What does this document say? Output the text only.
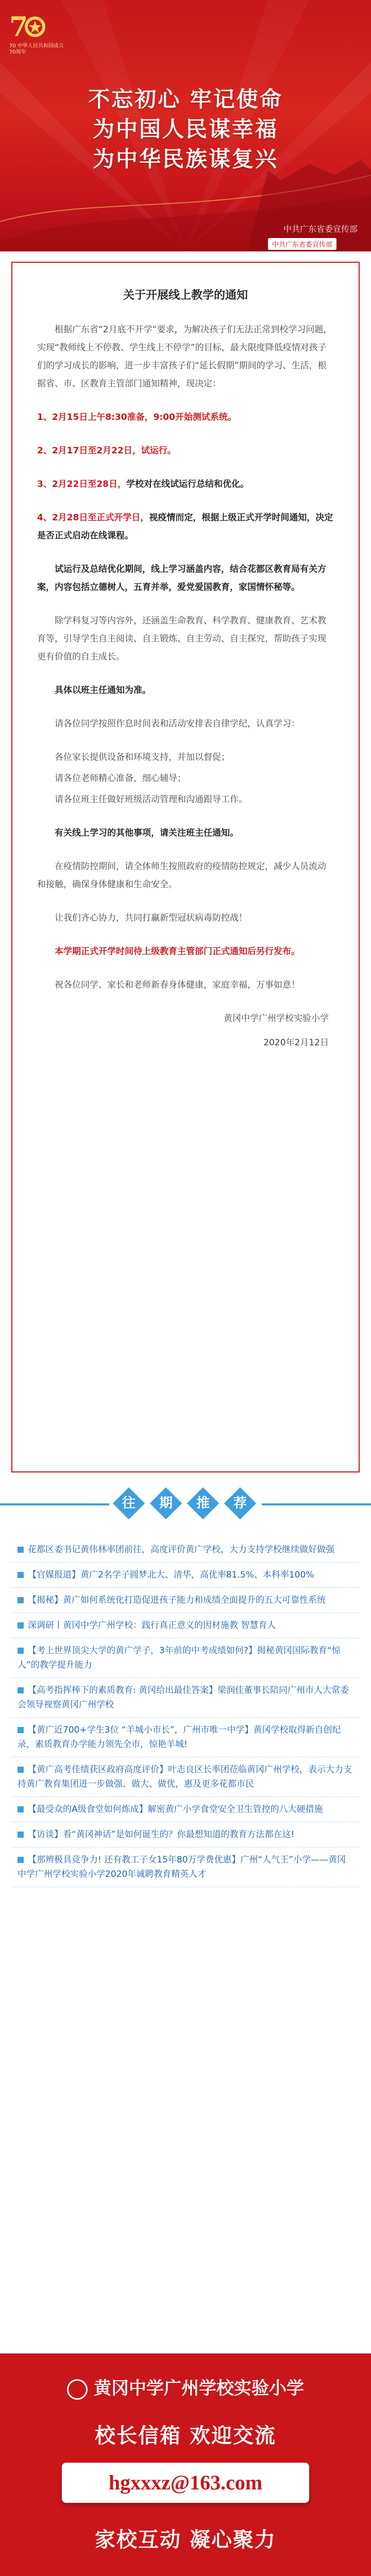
7
70 中华人民共和国成立70周年
不忘初心 牢记使命
为中国人民谋幸福
为中华民族谋复兴
中共广东省委宣传部
中共广东省委宣传部
关于开展线上教学的通知

根据广东省“2月底不开学”要求，为解决孩子们无法正常到校学习问题，实现“教师线上不停教、学生线上不停学”的目标，最大限度降低疫情对孩子们的学习成长的影响，进一步丰富孩子们“延长假期”期间的学习、生活，根据省、市、区教育主管部门通知精神，现决定：

1、2月15日上午8:30准备，9:00开始测试系统。

2、2月17日至2月22日，试运行。

3、2月22日至28日，学校对在线试运行总结和优化。

4、2月28日至正式开学日，视疫情而定，根据上级正式开学时间通知，决定是否正式启动在线课程。

试运行及总结优化期间，线上学习涵盖内容，结合花都区教育局有关方案，内容包括立德树人，五育并举，爱党爱国教育，家国情怀秘等。

除学科复习等内容外，还涵盖生命教育、科学教育、健康教育、艺术教育等，引导学生自主阅读、自主锻炼、自主劳动、自主探究，帮助孩子实现更有价值的自主成长。

具体以班主任通知为准。

请各位同学按照作息时间表和活动安排表自律学纪，认真学习：

各位家长提供设备和环境支持，并加以督促；

请各位老师精心准备，细心辅导；

请各位班主任做好班级活动管理和沟通跟导工作。

有关线上学习的其他事项，请关注班主任通知。

在疫情防控期间，请全体师生按照政府的疫情防控规定，减少人员流动和接触，确保身体健康和生命安全。

让我们齐心协力，共同打赢新型冠状病毒防控战！

本学期正式开学时间待上级教育主管部门正式通知后另行发布。

祝各位同学、家长和老师新春身体健康，家庭幸福，万事如意！

黄冈中学广州学校实验小学

2020年2月12日

往	期	推	荐
花都区委书记黄伟林率团前往，高度评价黄广学校，大力支持学校继续做好做强
【官媒报道】黄广2名学子圆梦北大、清华，高优率81.5%、本科率100%
【揭秘】黄广如何系统化打造促进孩子能力和成绩全面提升的五大可靠性系统
深调研丨黄冈中学广州学校：践行真正意义的因材施教 智慧育人
【考上世界顶尖大学的黄广学子，3年前的中考成绩如何?】揭秘黄冈国际教育“惊人”的教学提升能力
【高考指挥棒下的素质教育: 黄冈给出最佳答案】梁润佳董事长陪同广州市人大常委会领导视察黄冈广州学校
【黄广近700+学生3位 “羊城小市长”，广州市唯一中学】黄冈学校取得新自创纪录，素质教育办学能力领先全市，惊艳羊城!
【黄广高考佳绩获区政府高度评价】叶志良区长率团莅临黄冈广州学校，表示大力支持黄广教育集团进一步做强、做大、做优，惠及更多花都市民
【最受众的A级食堂如何炼成】解密黄广小学食堂安全卫生管控的八大硬措施
【访谈】看“黄冈神话”是如何诞生的？你最想知道的教育方法都在这!
【那辨极具竞争力! 还有教工子女15年80万学费优惠】广州“人气王”小学——黄冈中学广州学校实验小学2020年诚聘教育精英人才
黄冈中学广州学校实验小学
校长信箱 欢迎交流
hgxxxz@163.com
家校互动 凝心聚力
